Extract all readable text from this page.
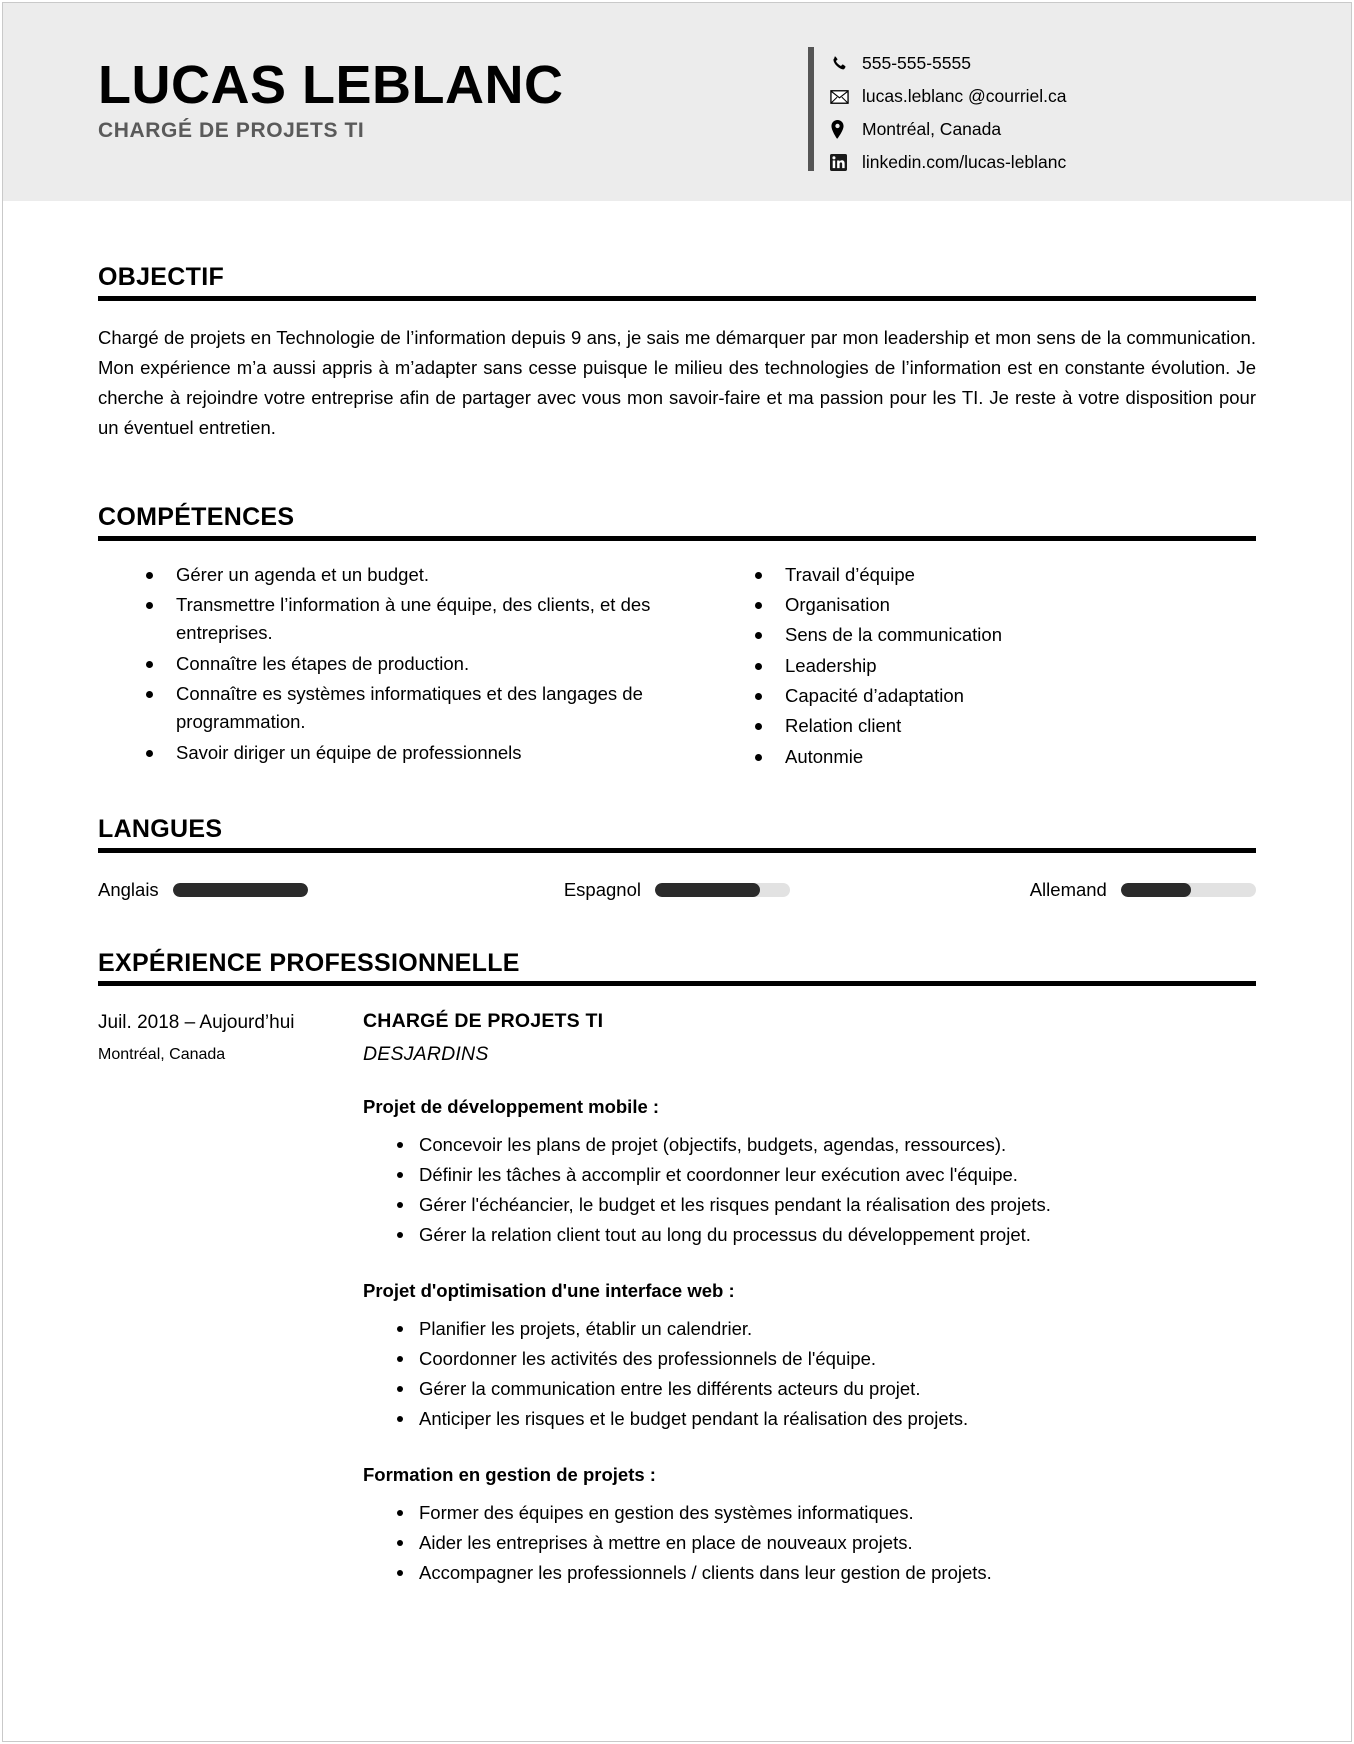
LUCAS LEBLANC
CHARGÉ DE PROJETS TI
555-555-5555
lucas.leblanc @courriel.ca
Montréal, Canada
linkedin.com/lucas-leblanc
OBJECTIF

Chargé de projets en Technologie de l’information depuis 9 ans, je sais me démarquer par mon leadership et mon sens de la communication. Mon expérience m’a aussi appris à m’adapter sans cesse puisque le milieu des technologies de l’information est en constante évolution. Je cherche à rejoindre votre entreprise afin de partager avec vous mon savoir-faire et ma passion pour les TI. Je reste à votre disposition pour un éventuel entretien.

COMPÉTENCES
Gérer un agenda et un budget.
Transmettre l’information à une équipe, des clients, et des entreprises.
Connaître les étapes de production.
Connaître es systèmes informatiques et des langages de programmation.
Savoir diriger un équipe de professionnels
Travail d’équipe
Organisation
Sens de la communication
Leadership
Capacité d’adaptation
Relation client
Autonmie
LANGUES
Anglais	Espagnol	Allemand
EXPÉRIENCE PROFESSIONNELLE
Juil. 2018 – Aujourd’hui
Montréal, Canada
CHARGÉ DE PROJETS TI
DESJARDINS
Projet de développement mobile :
Concevoir les plans de projet (objectifs, budgets, agendas, ressources).
Définir les tâches à accomplir et coordonner leur exécution avec l'équipe.
Gérer l'échéancier, le budget et les risques pendant la réalisation des projets.
Gérer la relation client tout au long du processus du développement projet.
Projet d'optimisation d'une interface web :
Planifier les projets, établir un calendrier.
Coordonner les activités des professionnels de l'équipe.
Gérer la communication entre les différents acteurs du projet.
Anticiper les risques et le budget pendant la réalisation des projets.
Formation en gestion de projets :
Former des équipes en gestion des systèmes informatiques.
Aider les entreprises à mettre en place de nouveaux projets.
Accompagner les professionnels / clients dans leur gestion de projets.
